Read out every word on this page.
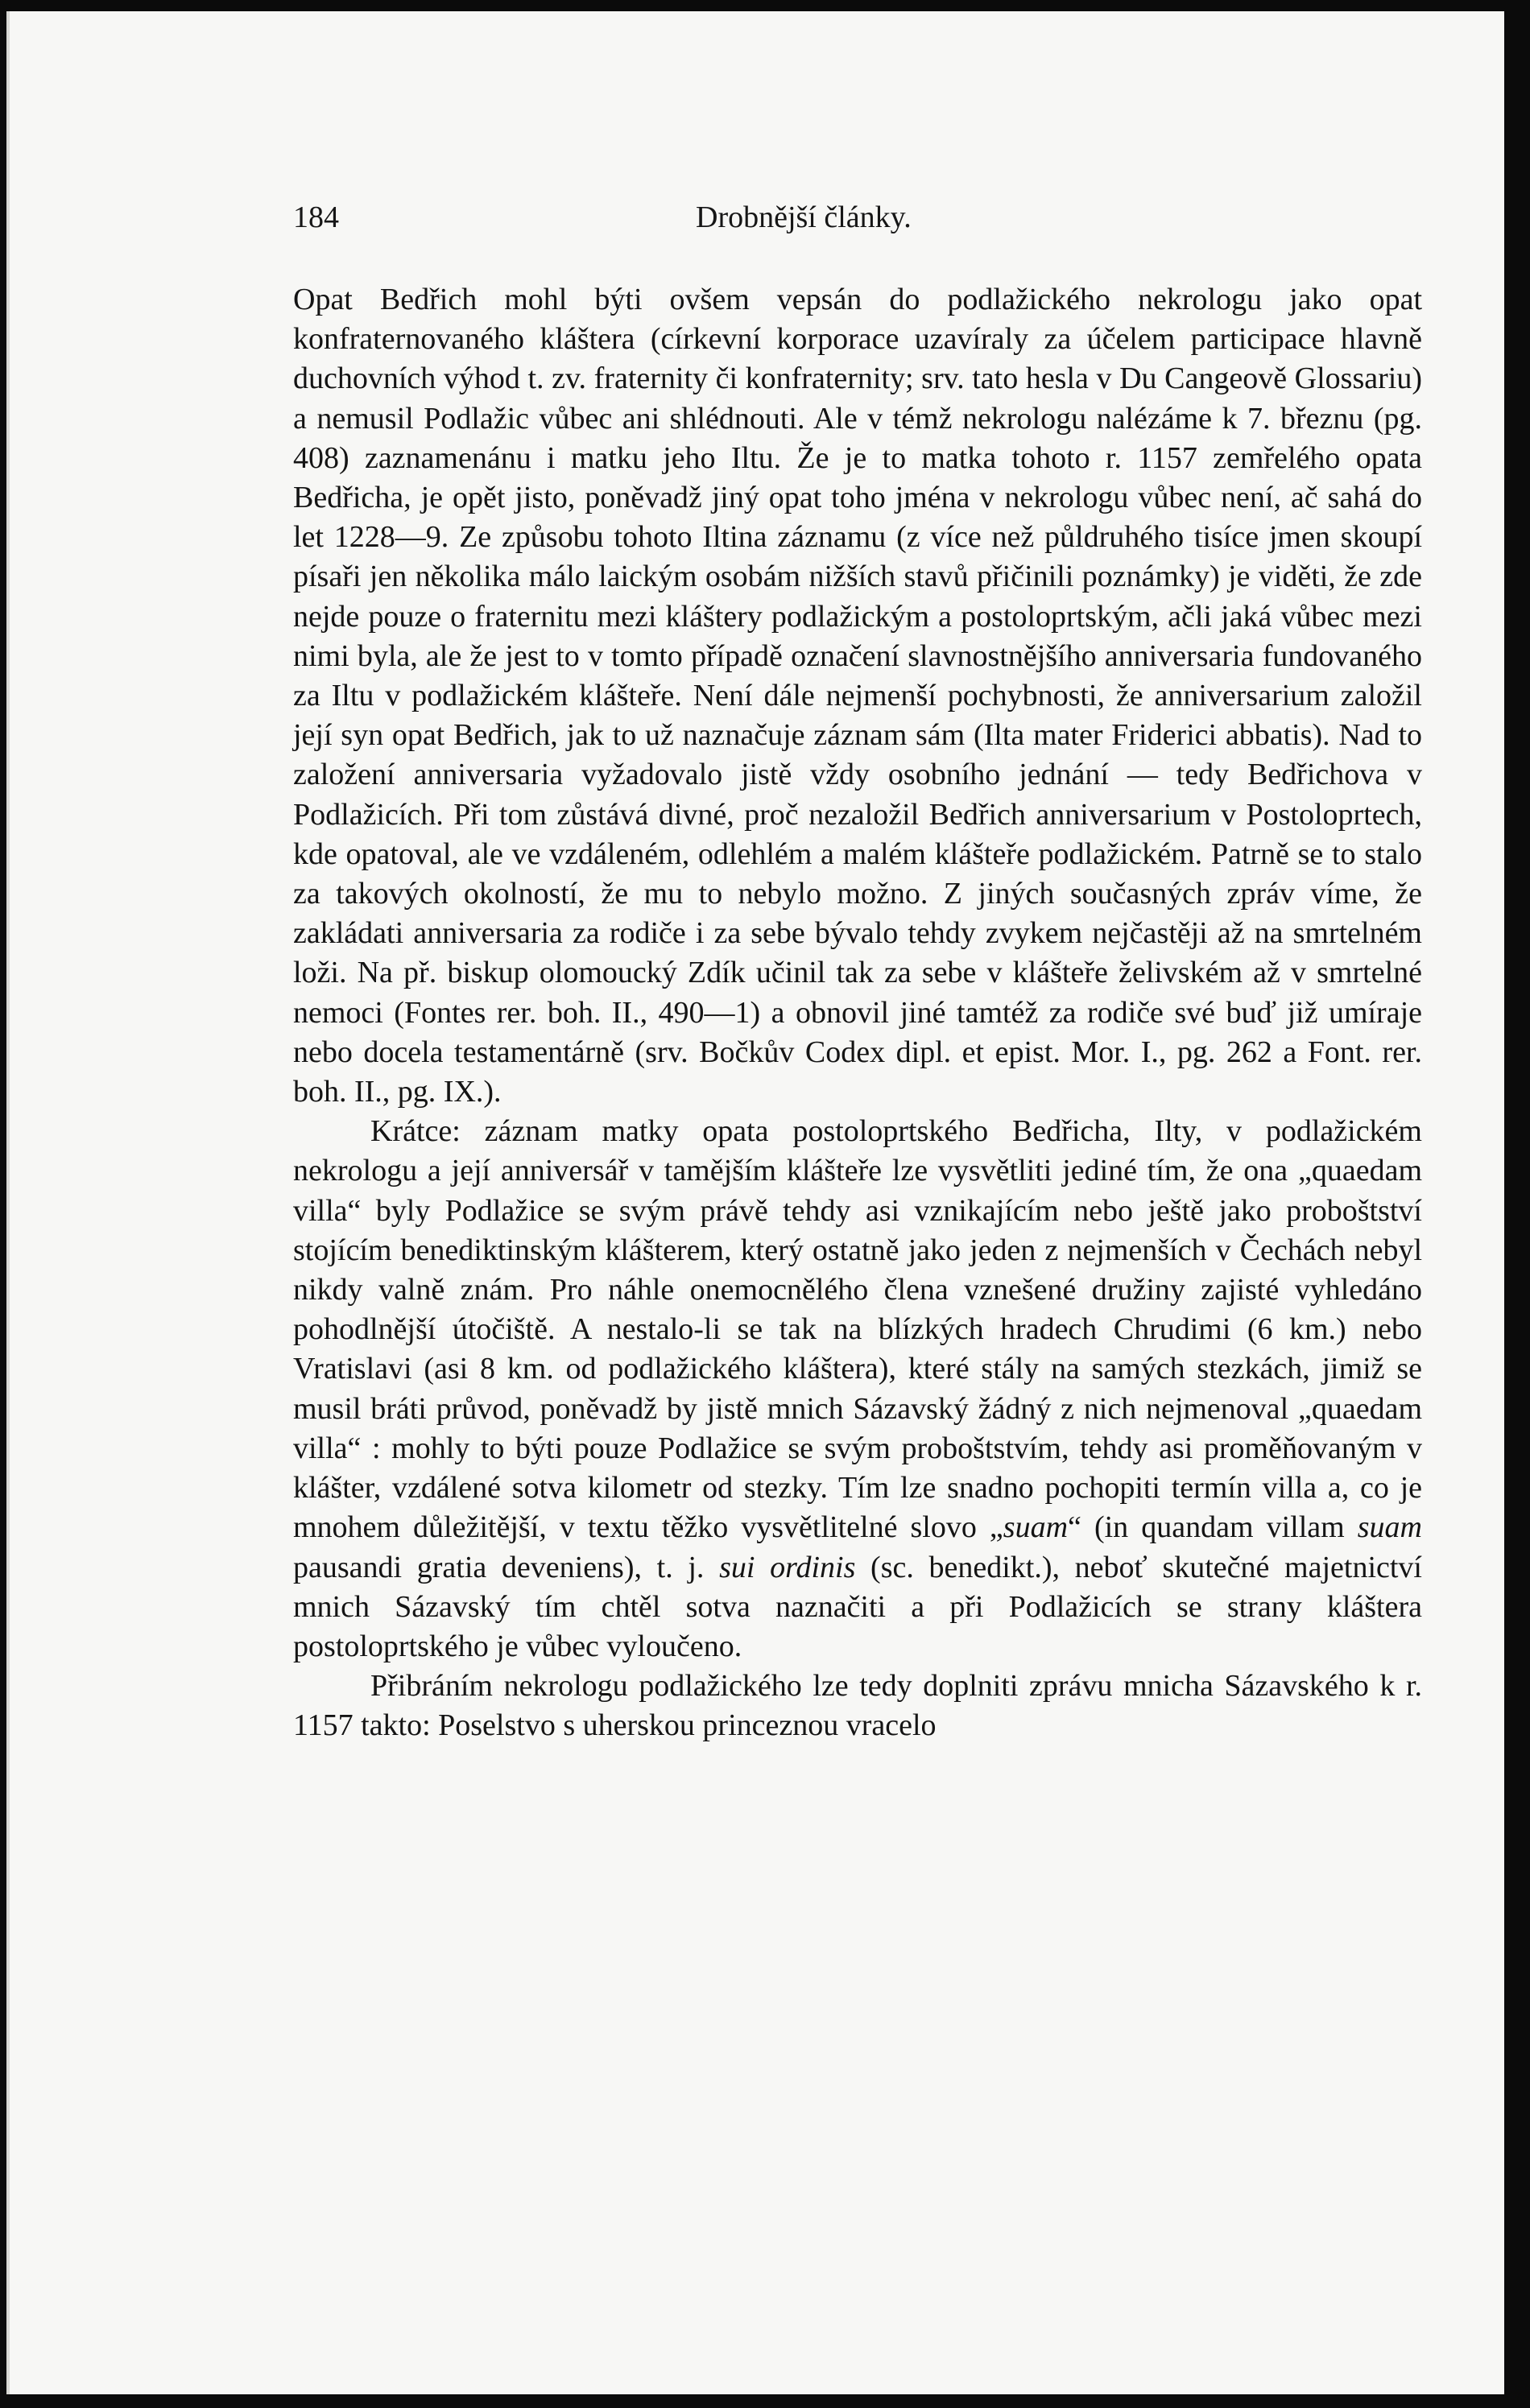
184	Drobnější články.

Opat Bedřich mohl býti ovšem vepsán do podlažického nekrologu jako opat konfraternovaného kláštera (církevní korporace uzavíraly za účelem participace hlavně duchovních výhod t. zv. fraternity či konfraternity; srv. tato hesla v Du Cangeově Glossariu) a nemusil Podlažic vůbec ani shlédnouti. Ale v témž nekrologu nalézáme k 7. březnu (pg. 408) zaznamenánu i matku jeho Iltu. Že je to matka tohoto r. 1157 zemřelého opata Bedřicha, je opět jisto, poněvadž jiný opat toho jména v nekrologu vůbec není, ač sahá do let 1228—9. Ze způsobu tohoto Iltina záznamu (z více než půldruhého tisíce jmen skoupí písaři jen několika málo laickým osobám nižších stavů přičinili poznámky) je viděti, že zde nejde pouze o fraternitu mezi kláštery podlažickým a postoloprtským, ačli jaká vůbec mezi nimi byla, ale že jest to v tomto případě označení slavnostnějšího anniversaria fundovaného za Iltu v podlažickém klášteře. Není dále nejmenší pochybnosti, že anniversarium založil její syn opat Bedřich, jak to už naznačuje záznam sám (Ilta mater Friderici abbatis). Nad to založení anniversaria vyžadovalo jistě vždy osobního jednání — tedy Bedřichova v Podlažicích. Při tom zůstává divné, proč nezaložil Bedřich anniversarium v Postoloprtech, kde opatoval, ale ve vzdáleném, odlehlém a malém klášteře podlažickém. Patrně se to stalo za takových okolností, že mu to nebylo možno. Z jiných současných zpráv víme, že zakládati anniversaria za rodiče i za sebe bývalo tehdy zvykem nejčastěji až na smrtelném loži. Na př. biskup olomoucký Zdík učinil tak za sebe v klášteře želivském až v smrtelné nemoci (Fontes rer. boh. II., 490—1) a obnovil jiné tamtéž za rodiče své buď již umíraje nebo docela testamentárně (srv. Bočkův Codex dipl. et epist. Mor. I., pg. 262 a Font. rer. boh. II., pg. IX.).

Krátce: záznam matky opata postoloprtského Bedřicha, Ilty, v podlažickém nekrologu a její anniversář v tamějším klášteře lze vysvětliti jediné tím, že ona „quaedam villa“ byly Podlažice se svým právě tehdy asi vznikajícím nebo ještě jako proboštství stojícím benediktinským klášterem, který ostatně jako jeden z nejmenších v Čechách nebyl nikdy valně znám. Pro náhle onemocnělého člena vznešené družiny zajisté vyhledáno pohodlnější útočiště. A nestalo-li se tak na blízkých hradech Chrudimi (6 km.) nebo Vratislavi (asi 8 km. od podlažického kláštera), které stály na samých stezkách, jimiž se musil bráti průvod, poněvadž by jistě mnich Sázavský žádný z nich nejmenoval „quaedam villa“ : mohly to býti pouze Podlažice se svým proboštstvím, tehdy asi proměňovaným v klášter, vzdálené sotva kilometr od stezky. Tím lze snadno pochopiti termín villa a, co je mnohem důležitější, v textu těžko vysvětlitelné slovo „suam“ (in quandam villam suam pausandi gratia deveniens), t. j. sui ordinis (sc. benedikt.), neboť skutečné majetnictví mnich Sázavský tím chtěl sotva naznačiti a při Podlažicích se strany kláštera postoloprtského je vůbec vyloučeno.

Přibráním nekrologu podlažického lze tedy doplniti zprávu mnicha Sázavského k r. 1157 takto: Poselstvo s uherskou princeznou vracelo
